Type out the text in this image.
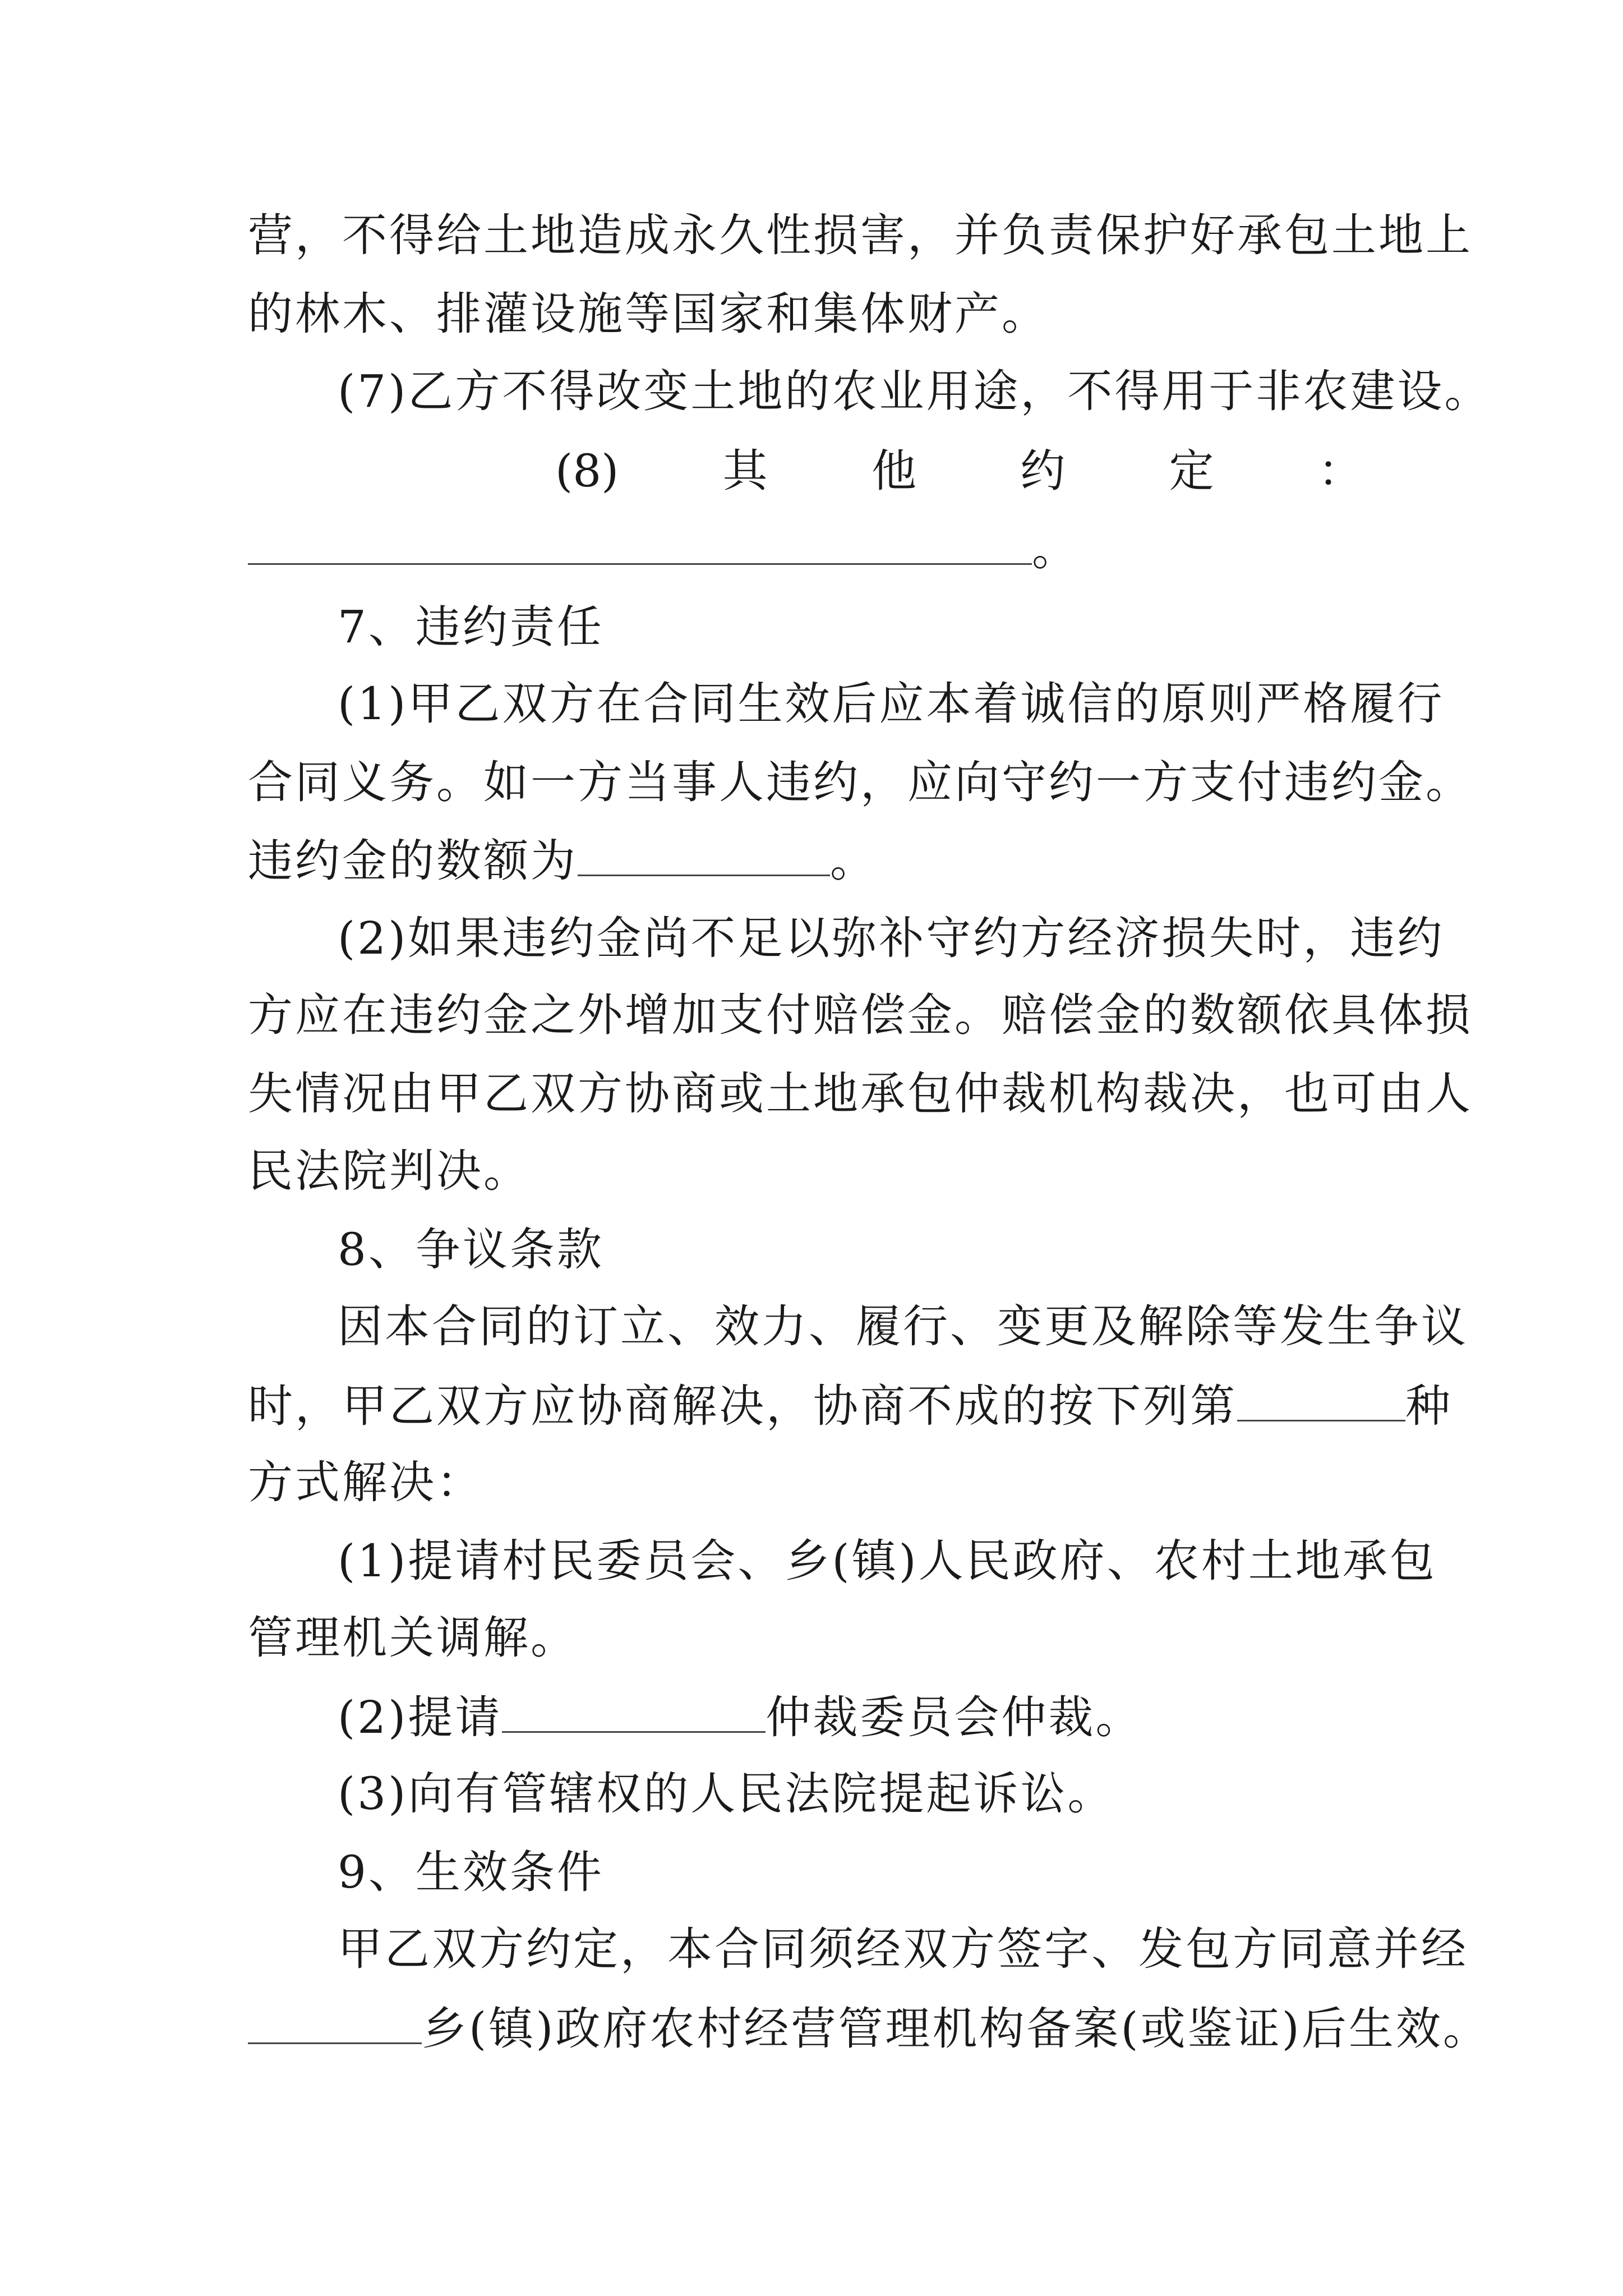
营，不得给土地造成永久性损害，并负责保护好承包土地上
的林木、排灌设施等国家和集体财产。
(7)乙方不得改变土地的农业用途，不得用于非农建设。
(8) 其 他 约 定 ：
。
7、违约责任
(1)甲乙双方在合同生效后应本着诚信的原则严格履行
合同义务。如一方当事人违约，应向守约一方支付违约金。
违约金的数额为	。
(2)如果违约金尚不足以弥补守约方经济损失时，违约
方应在违约金之外增加支付赔偿金。赔偿金的数额依具体损
失情况由甲乙双方协商或土地承包仲裁机构裁决，也可由人
民法院判决。
8、争议条款
因本合同的订立、效力、履行、变更及解除等发生争议
时，甲乙双方应协商解决，协商不成的按下列第	种
方式解决：
(1)提请村民委员会、乡(镇)人民政府、农村土地承包
管理机关调解。
(2)提请	仲裁委员会仲裁。
(3)向有管辖权的人民法院提起诉讼。
9、生效条件
甲乙双方约定，本合同须经双方签字、发包方同意并经
乡(镇)政府农村经营管理机构备案(或鉴证)后生效。
